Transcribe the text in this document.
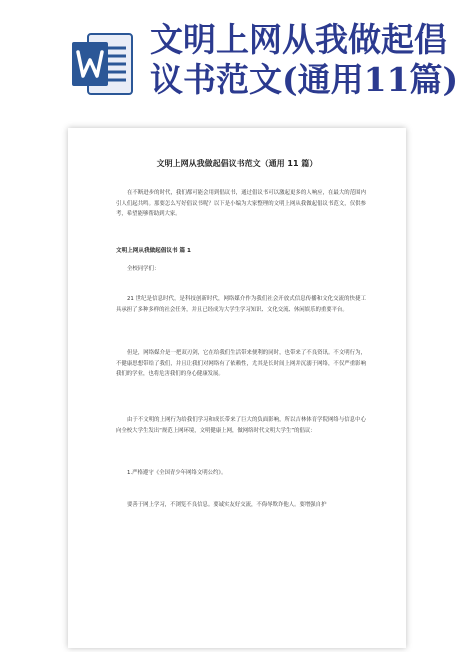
文明上网从我做起倡议书范文(通用11篇)
文明上网从我做起倡议书范文（通用 11 篇）
在不断进步的时代，我们都可能会用到倡议书，通过倡议书可以激起更多的人响应，在最大的范围内引人们起共鸣。那要怎么写好倡议书呢？以下是小编为大家整理的文明上网从我做起倡议书范文，仅供参考，希望能够帮助到大家。
文明上网从我做起倡议书 篇 1
全校同学们：
21 世纪是信息时代，是科技创新时代，网络媒介作为我们社会开放式信息传播和文化交流的快捷工具承担了多种多样的社会任务，并且已经成为大学生学习知识、文化交流、休闲娱乐的重要平台。
但是，网络媒介是一把双刃剑，它在给我们生活带来便利的同时，也带来了不良资讯。不文明行为，不健康思想带给了我们，并且让我们对网络有了依赖性，尤其是长时间上网并沉溺于网络，不仅严重影响我们的学业，也将危害我们的身心健康发展。
由于不文明的上网行为给我们学习和成长带来了巨大的负面影响，所以吉林体育学院网络与信息中心向全校大学生发出“规范上网环境，文明健康上网，做网络时代文明大学生”的倡议：
1.严格遵守《全国青少年网络文明公约》。
要善于网上学习，不浏览不良信息。要诚实友好交流，不侮辱欺诈他人。要增强自护
